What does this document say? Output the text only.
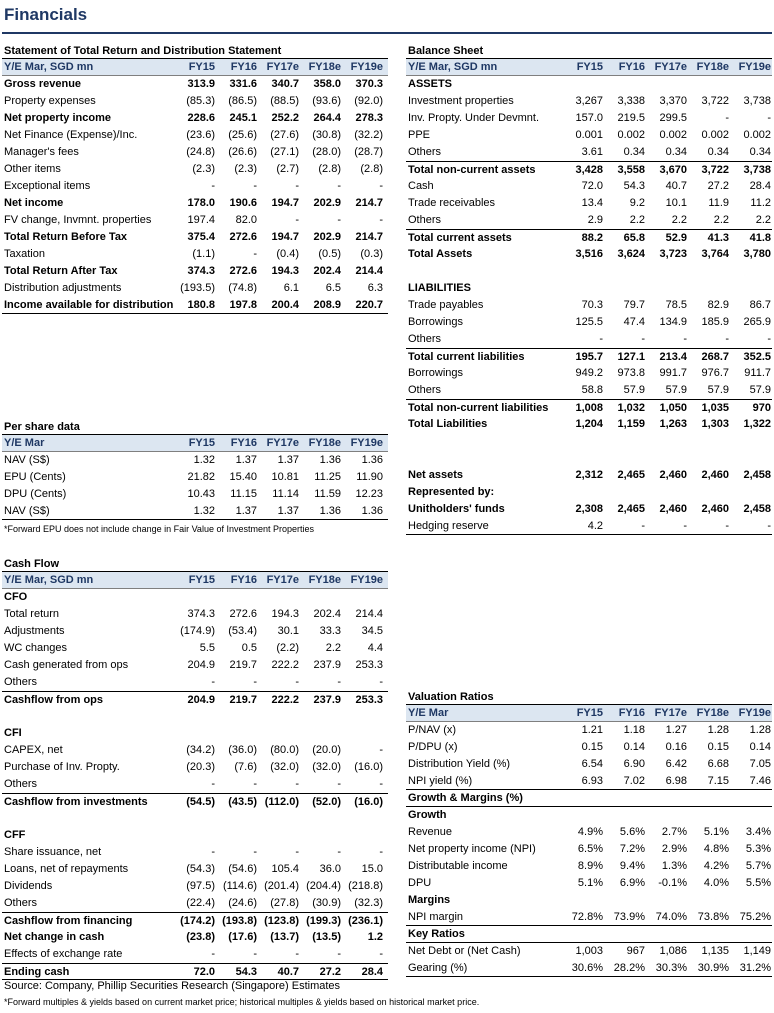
Financials
Statement of Total Return and Distribution Statement
Y/E Mar, SGD mn	FY15	FY16 FY17e FY18e FY19e
Gross revenue	313.9	331.6	340.7	358.0	370.3
Property expenses	(85.3)	(86.5)	(88.5)	(93.6)	(92.0)
Net property income	228.6	245.1	252.2	264.4	278.3
Net Finance (Expense)/Inc.	(23.6)	(25.6)	(27.6)	(30.8)	(32.2)
Manager's fees	(24.8)	(26.6)	(27.1)	(28.0)	(28.7)
Other items	(2.3)	(2.3)	(2.7)	(2.8)	(2.8)
Exceptional items	-	-	-	-	-
Net income	178.0	190.6	194.7	202.9	214.7
FV change, Invmnt. properties	197.4	82.0	-	-	-
Total Return Before Tax	375.4	272.6	194.7	202.9	214.7
Taxation	(1.1)	-	(0.4)	(0.5)	(0.3)
Total Return After Tax	374.3	272.6	194.3	202.4	214.4
Distribution adjustments	(193.5)	(74.8)	6.1	6.5	6.3
Income available for distribution	180.8	197.8	200.4	208.9	220.7
Per share data
Y/E Mar	FY15	FY16 FY17e FY18e FY19e
NAV (S$)	1.32	1.37	1.37	1.36	1.36
EPU (Cents)	21.82	15.40	10.81	11.25	11.90
DPU (Cents)	10.43	11.15	11.14	11.59	12.23
NAV (S$)	1.32	1.37	1.37	1.36	1.36
*Forward EPU does not include change in Fair Value of Investment Properties
Cash Flow
Y/E Mar, SGD mn	FY15	FY16 FY17e FY18e FY19e
CFO
Total return	374.3	272.6	194.3	202.4	214.4
Adjustments	(174.9)	(53.4)	30.1	33.3	34.5
WC changes	5.5	0.5	(2.2)	2.2	4.4
Cash generated from ops	204.9	219.7	222.2	237.9	253.3
Others	-	-	-	-	-
Cashflow from ops	204.9	219.7	222.2	237.9	253.3
CFI
CAPEX, net	(34.2)	(36.0)	(80.0)	(20.0)	-
Purchase of Inv. Propty.	(20.3)	(7.6)	(32.0)	(32.0)	(16.0)
Others	-	-	-	-	-
Cashflow from investments	(54.5)	(43.5) (112.0)	(52.0)	(16.0)
CFF
Share issuance, net	-	-	-	-	-
Loans, net of repayments	(54.3)	(54.6)	105.4	36.0	15.0
Dividends	(97.5) (114.6) (201.4) (204.4) (218.8)
Others	(22.4)	(24.6)	(27.8)	(30.9)	(32.3)
Cashflow from financing	(174.2) (193.8) (123.8) (199.3) (236.1)
Net change in cash	(23.8)	(17.6)	(13.7)	(13.5)	1.2
Effects of exchange rate	-	-	-	-	-
Ending cash	72.0	54.3	40.7	27.2	28.4
Balance Sheet
Y/E Mar, SGD mn	FY15	FY16 FY17e FY18e FY19e
ASSETS
Investment properties	3,267	3,338	3,370	3,722	3,738
Inv. Propty. Under Devmnt.	157.0	219.5	299.5	-	-
PPE	0.001	0.002	0.002	0.002	0.002
Others	3.61	0.34	0.34	0.34	0.34
Total non-current assets	3,428	3,558	3,670	3,722	3,738
Cash	72.0	54.3	40.7	27.2	28.4
Trade receivables	13.4	9.2	10.1	11.9	11.2
Others	2.9	2.2	2.2	2.2	2.2
Total current assets	88.2	65.8	52.9	41.3	41.8
Total Assets	3,516	3,624	3,723	3,764	3,780
LIABILITIES
Trade payables	70.3	79.7	78.5	82.9	86.7
Borrowings	125.5	47.4	134.9	185.9	265.9
Others	-	-	-	-	-
Total current liabilities	195.7	127.1	213.4	268.7	352.5
Borrowings	949.2	973.8	991.7	976.7	911.7
Others	58.8	57.9	57.9	57.9	57.9
Total non-current liabilities	1,008	1,032	1,050	1,035	970
Total Liabilities	1,204	1,159	1,263	1,303	1,322
Net assets	2,312	2,465	2,460	2,460	2,458
Represented by:
Unitholders' funds	2,308	2,465	2,460	2,460	2,458
Hedging reserve	4.2	-	-	-	-
Valuation Ratios
Y/E Mar	FY15	FY16 FY17e FY18e FY19e
P/NAV (x)	1.21	1.18	1.27	1.28	1.28
P/DPU (x)	0.15	0.14	0.16	0.15	0.14
Distribution Yield (%)	6.54	6.90	6.42	6.68	7.05
NPI yield (%)	6.93	7.02	6.98	7.15	7.46
Growth & Margins (%)
Growth
Revenue	4.9%	5.6%	2.7%	5.1%	3.4%
Net property income (NPI)	6.5%	7.2%	2.9%	4.8%	5.3%
Distributable income	8.9%	9.4%	1.3%	4.2%	5.7%
DPU	5.1%	6.9%	-0.1%	4.0%	5.5%
Margins
NPI margin	72.8% 73.9% 74.0% 73.8% 75.2%
Key Ratios
Net Debt or (Net Cash)	1,003	967	1,086	1,135	1,149
Gearing (%)	30.6% 28.2% 30.3% 30.9% 31.2%
Source: Company, Phillip Securities Research (Singapore) Estimates
*Forward multiples & yields based on current market price; historical multiples & yields based on historical market price.
